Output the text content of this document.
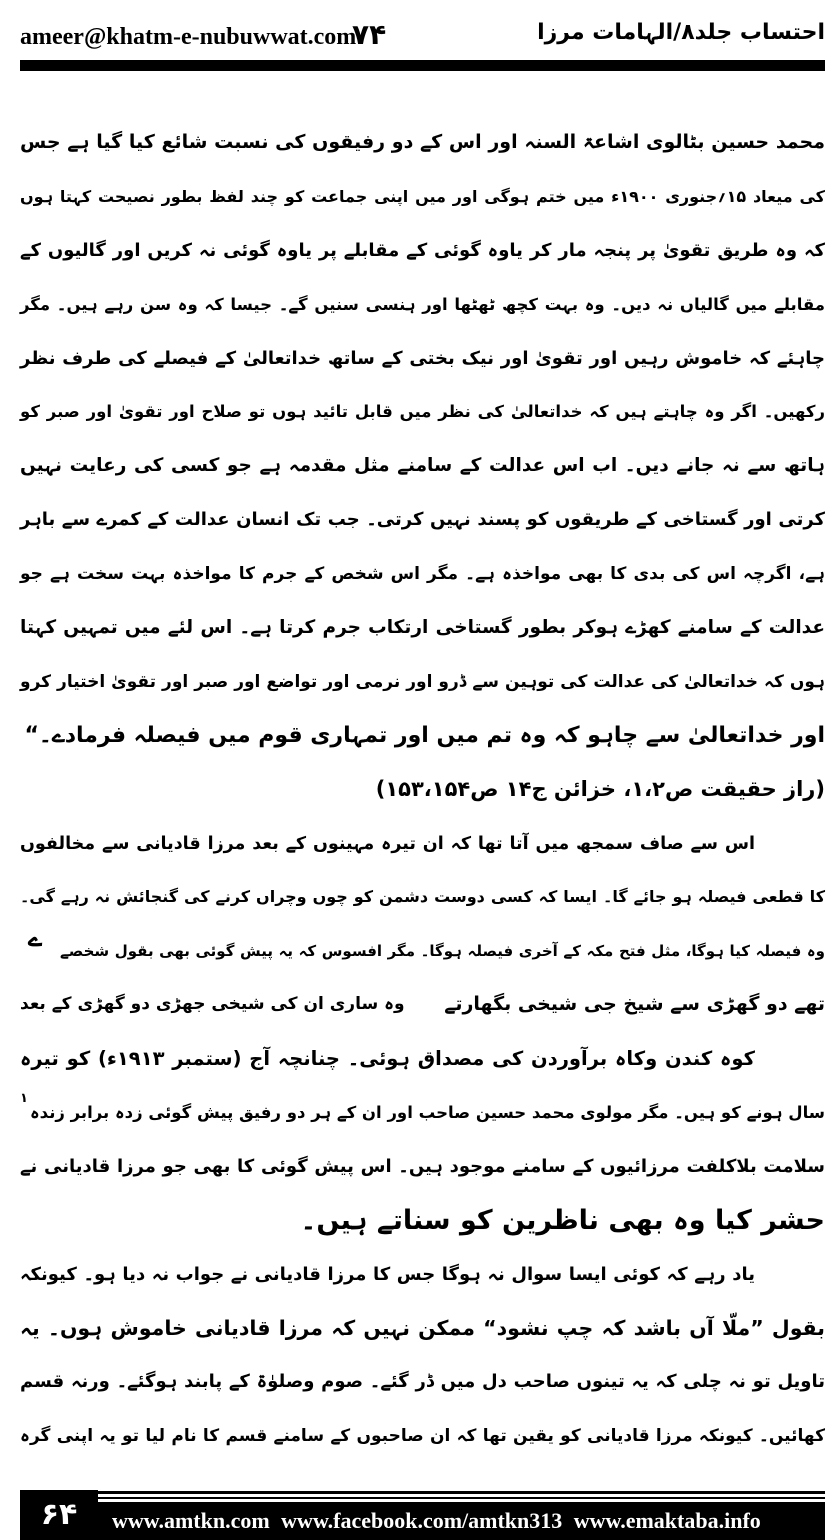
ameer@khatm-e-nubuwwat.com
۷۴	احتساب جلد۸/الہامات مرزا
محمد حسین بٹالوی اشاعۃ السنہ اور اس کے دو رفیقوں کی نسبت شائع کیا گیا ہے جس
کی میعاد ۱۵؍جنوری ۱۹۰۰ء میں ختم ہوگی اور میں اپنی جماعت کو چند لفظ بطور نصیحت کہتا ہوں
کہ وہ طریق تقویٰ پر پنجہ مار کر یاوہ گوئی کے مقابلے پر یاوہ گوئی نہ کریں اور گالیوں کے
مقابلے میں گالیاں نہ دیں۔ وہ بہت کچھ ٹھٹھا اور ہنسی سنیں گے۔ جیسا کہ وہ سن رہے ہیں۔ مگر
چاہئے کہ خاموش رہیں اور تقویٰ اور نیک بختی کے ساتھ خداتعالیٰ کے فیصلے کی طرف نظر
رکھیں۔ اگر وہ چاہتے ہیں کہ خداتعالیٰ کی نظر میں قابل تائید ہوں تو صلاح اور تقویٰ اور صبر کو
ہاتھ سے نہ جانے دیں۔ اب اس عدالت کے سامنے مثل مقدمہ ہے جو کسی کی رعایت نہیں
کرتی اور گستاخی کے طریقوں کو پسند نہیں کرتی۔ جب تک انسان عدالت کے کمرے سے باہر
ہے، اگرچہ اس کی بدی کا بھی مواخذہ ہے۔ مگر اس شخص کے جرم کا مواخذہ بہت سخت ہے جو
عدالت کے سامنے کھڑے ہوکر بطور گستاخی ارتکاب جرم کرتا ہے۔ اس لئے میں تمہیں کہتا
ہوں کہ خداتعالیٰ کی عدالت کی توہین سے ڈرو اور نرمی اور تواضع اور صبر اور تقویٰ اختیار کرو
اور خداتعالیٰ سے چاہو کہ وہ تم میں اور تمہاری قوم میں فیصلہ فرمادے۔“
(راز حقیقت ص۱،۲، خزائن ج۱۴ ص۱۵۳،۱۵۴)
اس سے صاف سمجھ میں آتا تھا کہ ان تیرہ مہینوں کے بعد مرزا قادیانی سے مخالفوں
کا قطعی فیصلہ ہو جائے گا۔ ایسا کہ کسی دوست دشمن کو چوں وچراں کرنے کی گنجائش نہ رہے گی۔
وہ فیصلہ کیا ہوگا، مثل فتح مکہ کے آخری فیصلہ ہوگا۔ مگر افسوس کہ یہ پیش گوئی بھی بقول شخصے
ے
تھے دو گھڑی سے شیخ جی شیخی بگھارتے
وہ ساری ان کی شیخی جھڑی دو گھڑی کے بعد
کوہ کندن وکاہ برآوردن کی مصداق ہوئی۔ چنانچہ آج (ستمبر ۱۹۱۳ء) کو تیرہ
سال ہونے کو ہیں۔ مگر مولوی محمد حسین صاحب اور ان کے ہر دو رفیق پیش گوئی زدہ برابر زندہ
۱
سلامت بلاکلفت مرزائیوں کے سامنے موجود ہیں۔ اس پیش گوئی کا بھی جو مرزا قادیانی نے
حشر کیا وہ بھی ناظرین کو سناتے ہیں۔
یاد رہے کہ کوئی ایسا سوال نہ ہوگا جس کا مرزا قادیانی نے جواب نہ دیا ہو۔ کیونکہ
بقول ”ملّا آں باشد کہ چپ نشود“ ممکن نہیں کہ مرزا قادیانی خاموش ہوں۔ یہ
تاویل تو نہ چلی کہ یہ تینوں صاحب دل میں ڈر گئے۔ صوم وصلوٰۃ کے پابند ہوگئے۔ ورنہ قسم
کھائیں۔ کیونکہ مرزا قادیانی کو یقین تھا کہ ان صاحبوں کے سامنے قسم کا نام لیا تو یہ اپنی گرہ
۶۴	www.amtkn.com www.facebook.com/amtkn313 www.emaktaba.info
